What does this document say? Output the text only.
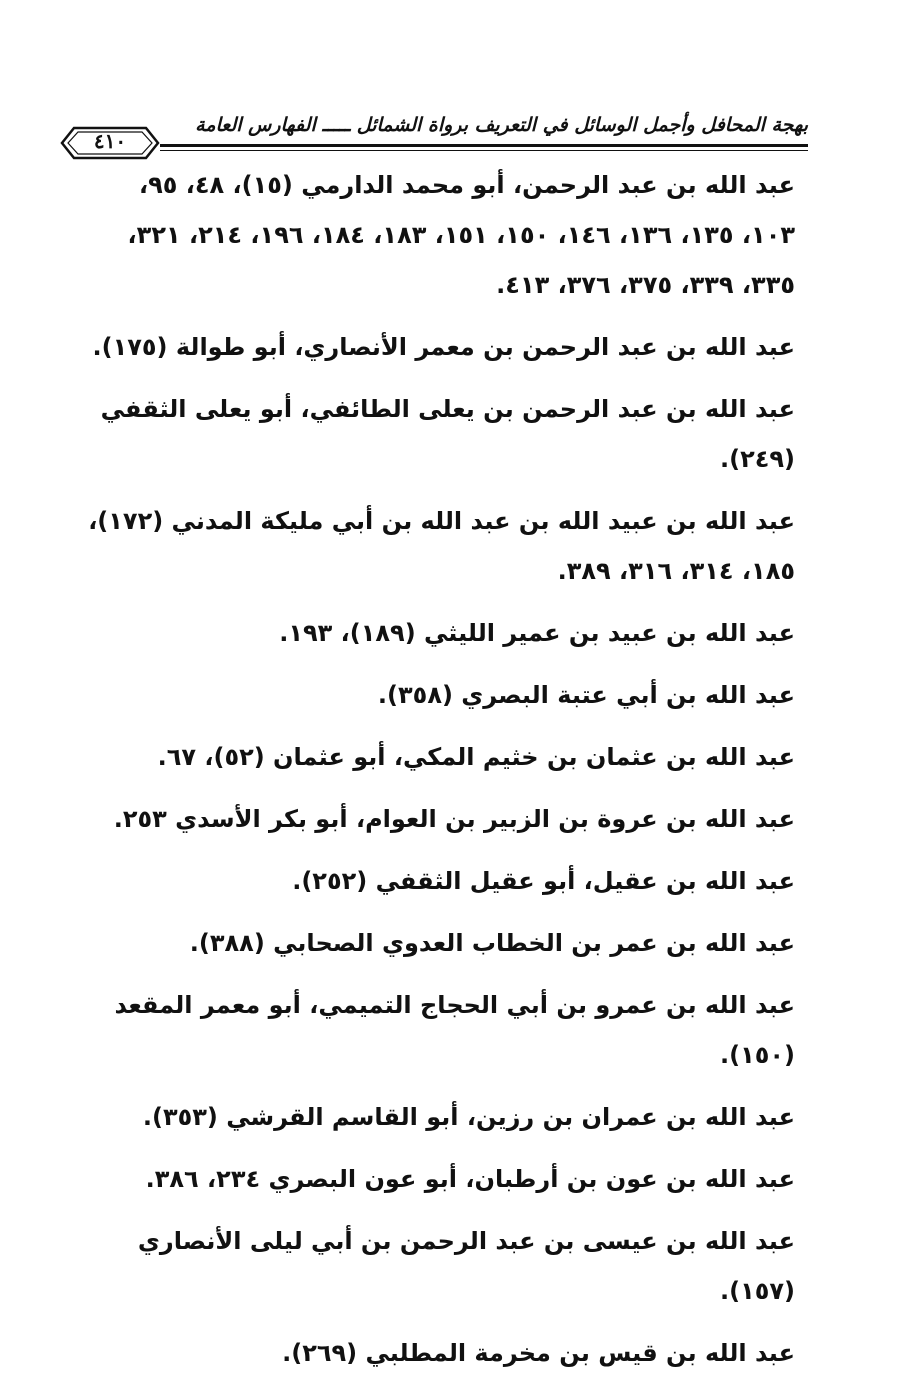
بهجة المحافل وأجمل الوسائل في التعريف برواة الشمائل ـــــ الفهارس العامة
٤١٠

عبد الله بن عبد الرحمن، أبو محمد الدارمي (١٥)، ٤٨، ٩٥، ١٠٣، ١٣٥، ١٣٦، ١٤٦، ١٥٠، ١٥١، ١٨٣، ١٨٤، ١٩٦، ٢١٤، ٣٢١، ٣٣٥، ٣٣٩، ٣٧٥، ٣٧٦، ٤١٣.

عبد الله بن عبد الرحمن بن معمر الأنصاري، أبو طوالة (١٧٥).

عبد الله بن عبد الرحمن بن يعلى الطائفي، أبو يعلى الثقفي (٢٤٩).

عبد الله بن عبيد الله بن عبد الله بن أبي مليكة المدني (١٧٢)، ١٨٥، ٣١٤، ٣١٦، ٣٨٩.

عبد الله بن عبيد بن عمير الليثي (١٨٩)، ١٩٣.

عبد الله بن أبي عتبة البصري (٣٥٨).

عبد الله بن عثمان بن خثيم المكي، أبو عثمان (٥٢)، ٦٧.

عبد الله بن عروة بن الزبير بن العوام، أبو بكر الأسدي ٢٥٣.

عبد الله بن عقيل، أبو عقيل الثقفي (٢٥٢).

عبد الله بن عمر بن الخطاب العدوي الصحابي (٣٨٨).

عبد الله بن عمرو بن أبي الحجاج التميمي، أبو معمر المقعد (١٥٠).

عبد الله بن عمران بن رزين، أبو القاسم القرشي (٣٥٣).

عبد الله بن عون بن أرطبان، أبو عون البصري ٢٣٤، ٣٨٦.

عبد الله بن عيسى بن عبد الرحمن بن أبي ليلى الأنصاري (١٥٧).

عبد الله بن قيس بن مخرمة المطلبي (٢٦٩).
